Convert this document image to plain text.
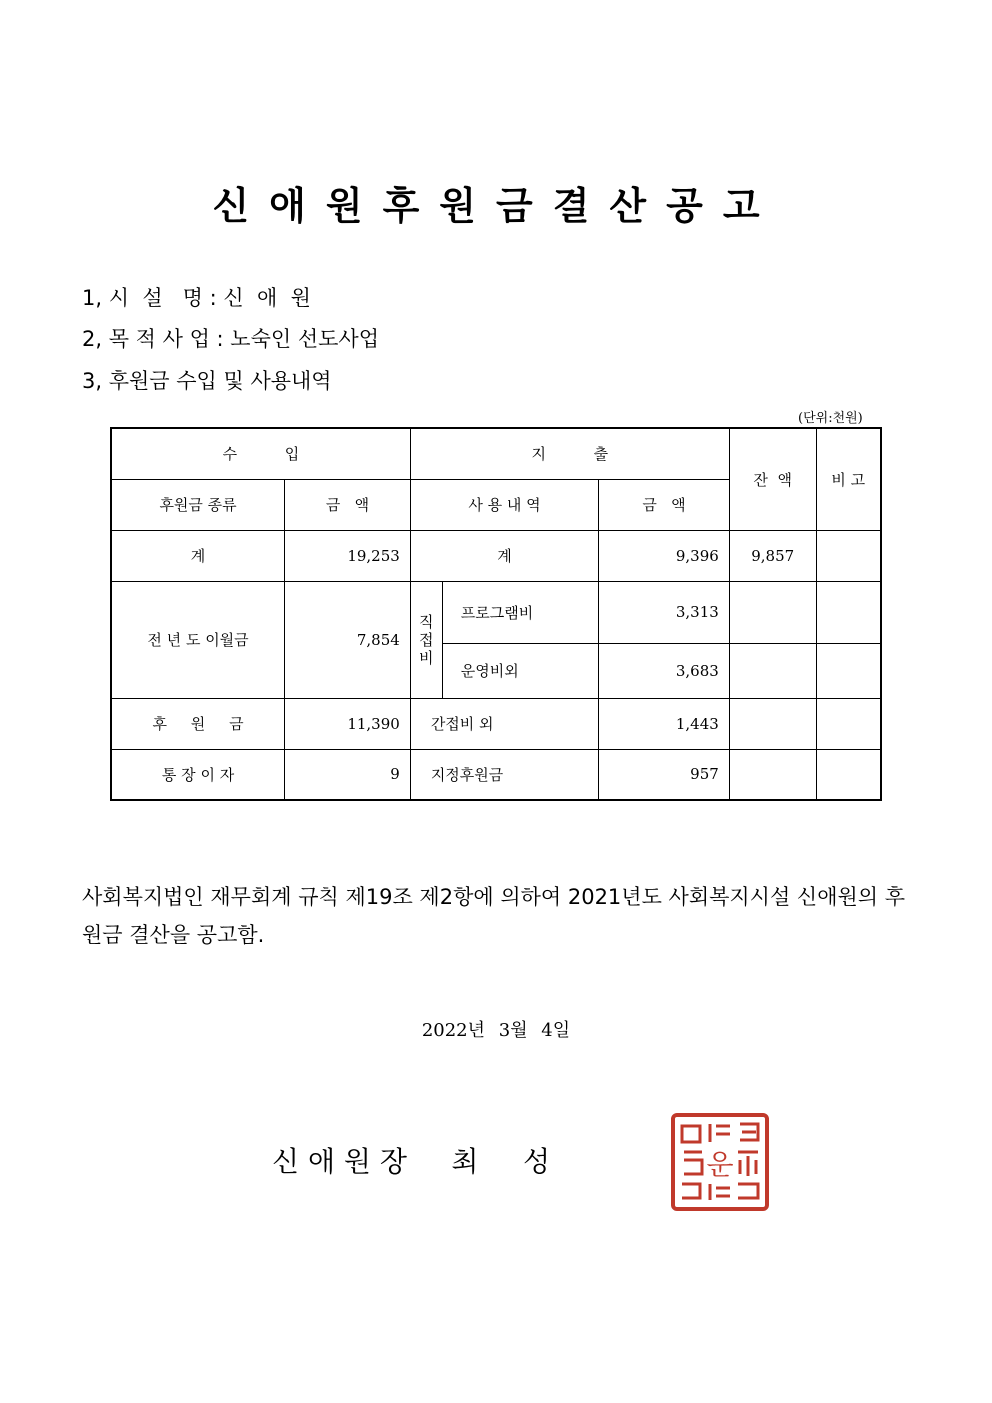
신애원후원금결산공고
1, 시  설   명 : 신  애  원
2, 목 적 사 업 : 노숙인 선도사업
3, 후원금 수입 및 사용내역
(단위:천원)
수          입		지          출			잔  액	비 고
후원금 종류	금   액	사 용 내 역		금   액		
계	19,253	계		9,396	9,857	
전 년 도 이월금	7,854	직접비	프로그램비	3,313		
			운영비외	3,683		
후     원     금	11,390	간접비 외		1,443		
통 장 이 자	9	지정후원금		957		
사회복지법인 재무회계 규칙 제19조 제2항에 의하여 2021년도 사회복지시설 신애원의 후원금 결산을 공고함.
2022년 3월 4일
신 애 원 장     최     성	운
